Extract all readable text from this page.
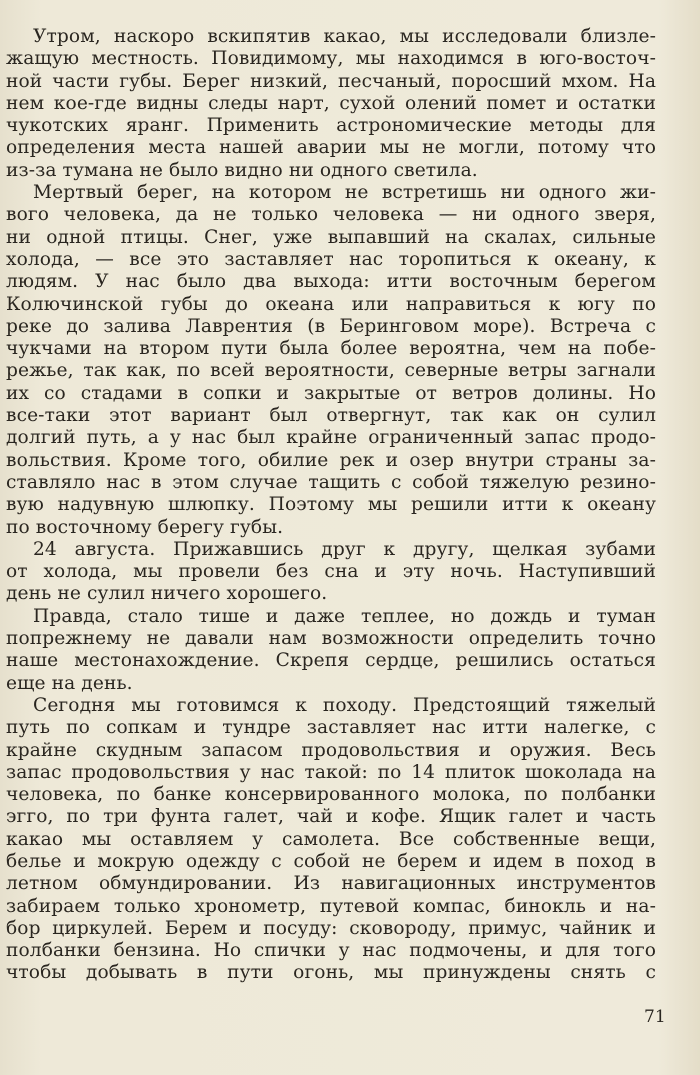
Утром, наскоро вскипятив какао, мы исследовали близле-
жащую местность. Повидимому, мы находимся в юго-восточ-
ной части губы. Берег низкий, песчаный, поросший мхом. На
нем кое-где видны следы нарт, сухой олений помет и остатки
чукотских яранг. Применить астрономические методы для
определения места нашей аварии мы не могли, потому что
из-за тумана не было видно ни одного светила.

Мертвый берег, на котором не встретишь ни одного жи-
вого человека, да не только человека — ни одного зверя,
ни одной птицы. Снег, уже выпавший на скалах, сильные
холода, — все это заставляет нас торопиться к океану, к
людям. У нас было два выхода: итти восточным берегом
Колючинской губы до океана или направиться к югу по
реке до залива Лаврентия (в Беринговом море). Встреча с
чукчами на втором пути была более вероятна, чем на побе-
режье, так как, по всей вероятности, северные ветры загнали
их со стадами в сопки и закрытые от ветров долины. Но
все-таки этот вариант был отвергнут, так как он сулил
долгий путь, а у нас был крайне ограниченный запас продо-
вольствия. Кроме того, обилие рек и озер внутри страны за-
ставляло нас в этом случае тащить с собой тяжелую резино-
вую надувную шлюпку. Поэтому мы решили итти к океану
по восточному берегу губы.

24 августа. Прижавшись друг к другу, щелкая зубами
от холода, мы провели без сна и эту ночь. Наступивший
день не сулил ничего хорошего.

Правда, стало тише и даже теплее, но дождь и туман
попрежнему не давали нам возможности определить точно
наше местонахождение. Скрепя сердце, решились остаться
еще на день.

Сегодня мы готовимся к походу. Предстоящий тяжелый
путь по сопкам и тундре заставляет нас итти налегке, с
крайне скудным запасом продовольствия и оружия. Весь
запас продовольствия у нас такой: по 14 плиток шоколада на
человека, по банке консервированного молока, по полбанки
эгго, по три фунта галет, чай и кофе. Ящик галет и часть
какао мы оставляем у самолета. Все собственные вещи,
белье и мокрую одежду с собой не берем и идем в поход в
летном обмундировании. Из навигационных инструментов
забираем только хронометр, путевой компас, бинокль и на-
бор циркулей. Берем и посуду: сковороду, примус, чайник и
полбанки бензина. Но спички у нас подмочены, и для того
чтобы добывать в пути огонь, мы принуждены снять с

71
